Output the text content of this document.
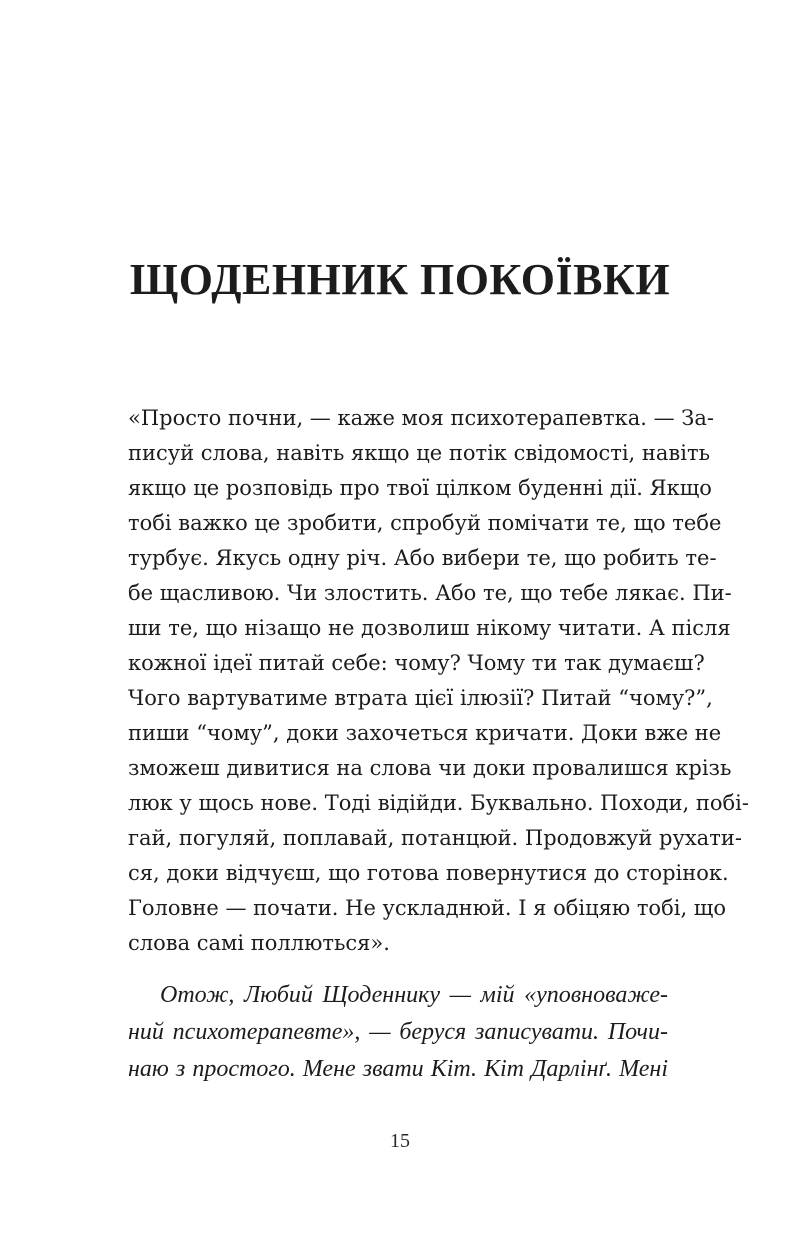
ЩОДЕННИК ПОКОЇВКИ
«Просто почни, — каже моя психотерапевтка. — За-
писуй слова, навіть якщо це потік свідомості, навіть
якщо це розповідь про твої цілком буденні дії. Якщо
тобі важко це зробити, спробуй помічати те, що тебе
турбує. Якусь одну річ. Або вибери те, що робить те-
бе щасливою. Чи злостить. Або те, що тебе лякає. Пи-
ши те, що нізащо не дозволиш нікому читати. А після
кожної ідеї питай себе: чому? Чому ти так думаєш?
Чого вартуватиме втрата цієї ілюзії? Питай “чому?”,
пиши “чому”, доки захочеться кричати. Доки вже не
зможеш дивитися на слова чи доки провалишся крізь
люк у щось нове. Тоді відійди. Буквально. Походи, побі-
гай, погуляй, поплавай, потанцюй. Продовжуй рухати-
ся, доки відчуєш, що готова повернутися до сторінок.
Головне — почати. Не ускладнюй. І я обіцяю тобі, що
слова самі поллються».
Отож, Любий Щоденнику — мій «уповноваже-
ний психотерапевте», — беруся записувати. Почи-
наю з простого. Мене звати Кіт. Кіт Дарлінґ. Мені
15
